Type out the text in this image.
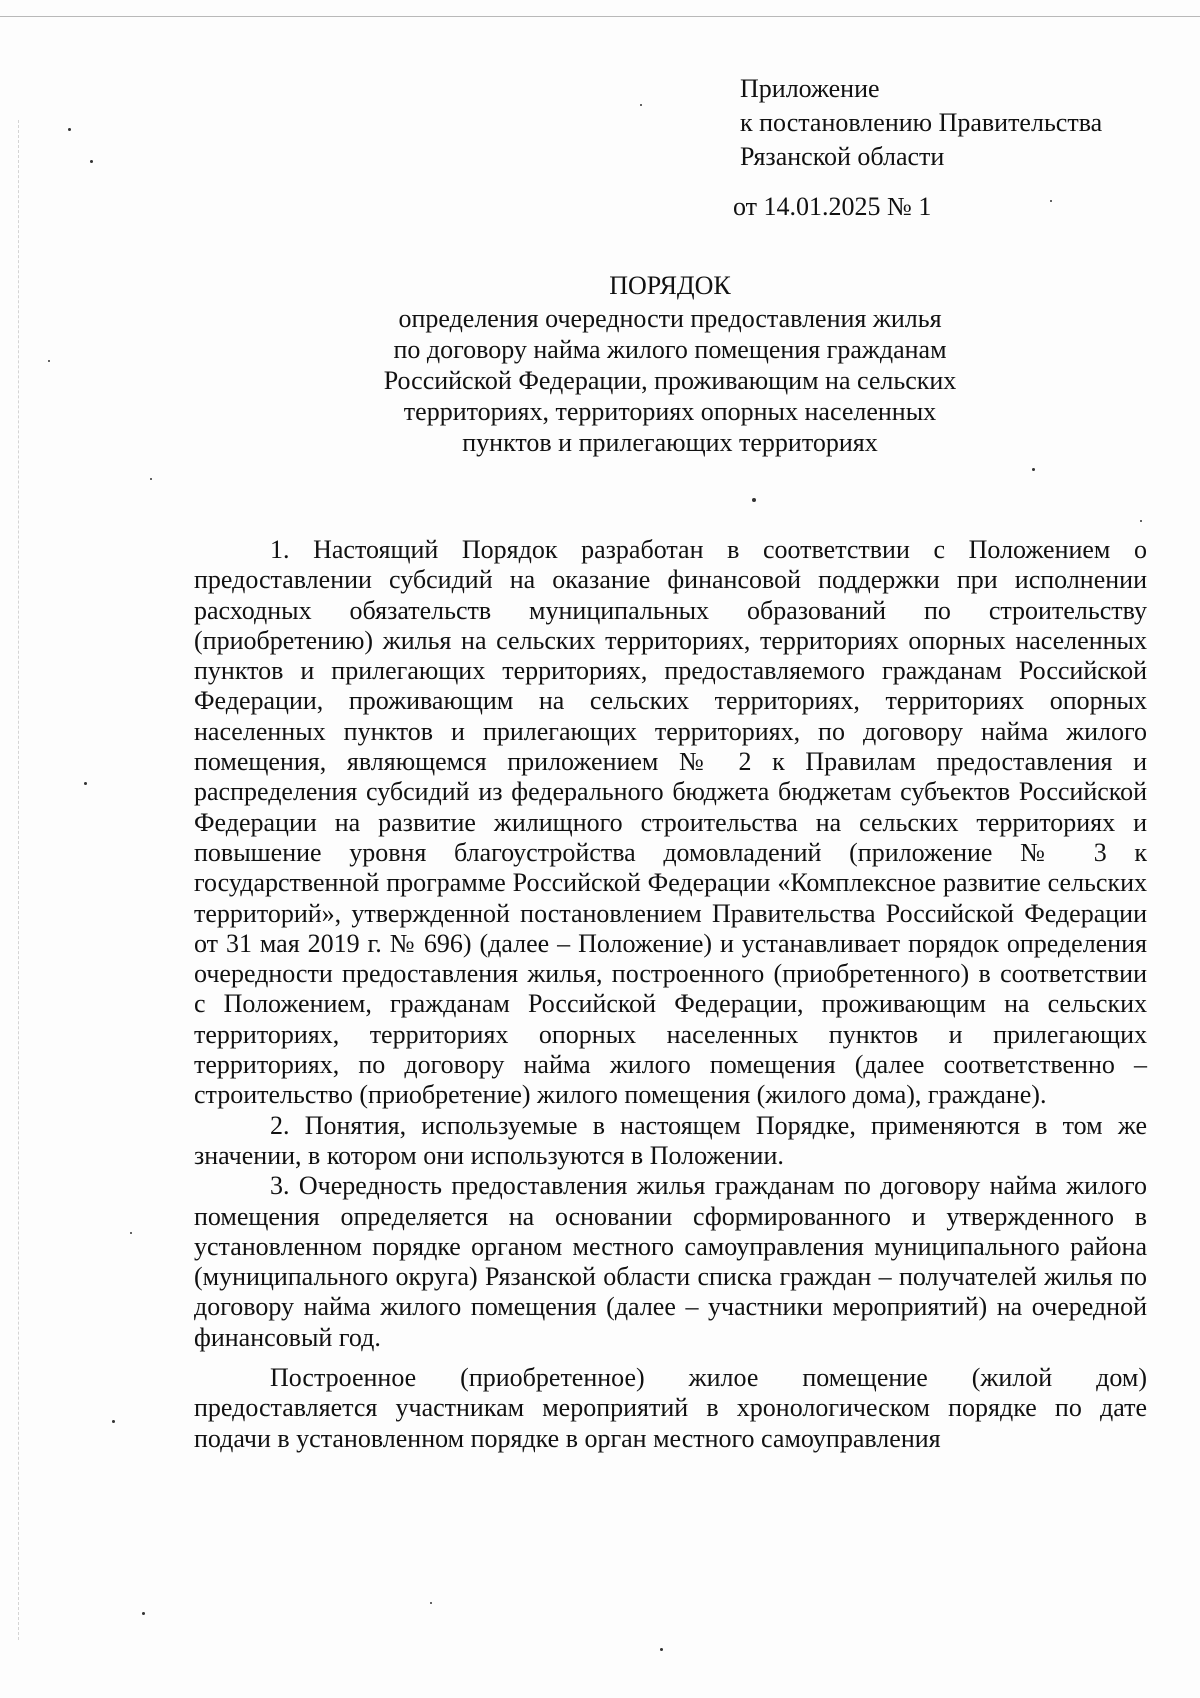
Приложение
к постановлению Правительства
Рязанской области
от 14.01.2025 № 1
ПОРЯДОК
определения очередности предоставления жилья
по договору найма жилого помещения гражданам
Российской Федерации, проживающим на сельских
территориях, территориях опорных населенных
пунктов и прилегающих территориях

1. Настоящий Порядок разработан в соответствии с Положением о предоставлении субсидий на оказание финансовой поддержки при исполнении расходных обязательств муниципальных образований по строительству (приобретению) жилья на сельских территориях, территориях опорных населенных пунктов и прилегающих территориях, предоставляемого гражданам Российской Федерации, проживающим на сельских территориях, территориях опорных населенных пунктов и прилегающих территориях, по договору найма жилого помещения, являющемся приложением № 2 к Правилам предоставления и распределения субсидий из федерального бюджета бюджетам субъектов Российской Федерации на развитие жилищного строительства на сельских территориях и повышение уровня благоустройства домовладений (приложение № 3 к государственной программе Российской Федерации «Комплексное развитие сельских территорий», утвержденной постановлением Правительства Российской Федерации от 31 мая 2019 г. № 696) (далее – Положение) и устанавливает порядок определения очередности предоставления жилья, построенного (приобретенного) в соответствии с Положением, гражданам Российской Федерации, проживающим на сельских территориях, территориях опорных населенных пунктов и прилегающих территориях, по договору найма жилого помещения (далее соответственно – строительство (приобретение) жилого помещения (жилого дома), граждане).

2. Понятия, используемые в настоящем Порядке, применяются в том же значении, в котором они используются в Положении.

3. Очередность предоставления жилья гражданам по договору найма жилого помещения определяется на основании сформированного и утвержденного в установленном порядке органом местного самоуправления муниципального района (муниципального округа) Рязанской области списка граждан – получателей жилья по договору найма жилого помещения (далее – участники мероприятий) на очередной финансовый год.

Построенное (приобретенное) жилое помещение (жилой дом) предоставляется участникам мероприятий в хронологическом порядке по дате подачи в установленном порядке в орган местного самоуправления
